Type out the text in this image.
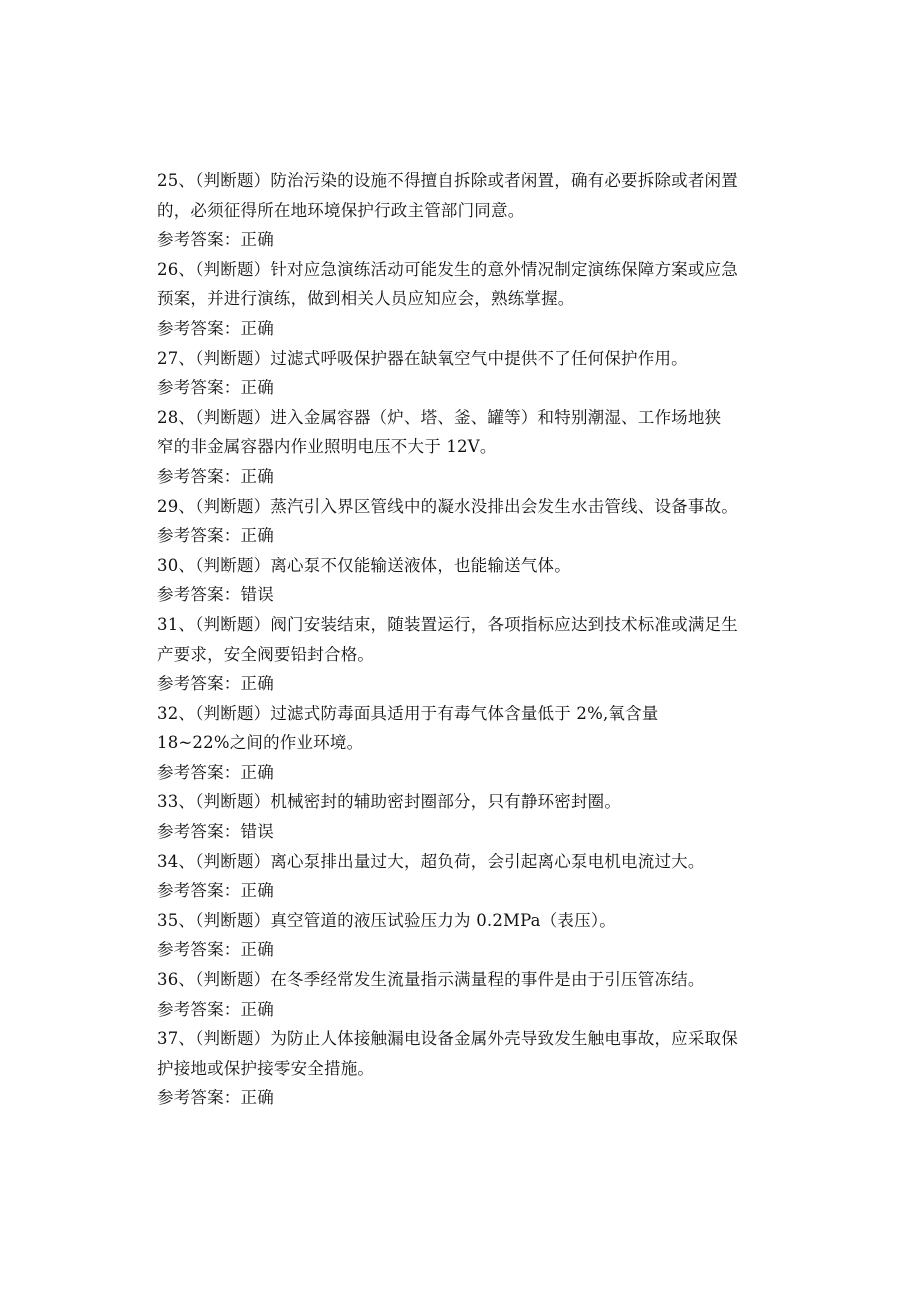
25、（判断题）防治污染的设施不得擅自拆除或者闲置，确有必要拆除或者闲置
的，必须征得所在地环境保护行政主管部门同意。
参考答案：正确
26、（判断题）针对应急演练活动可能发生的意外情况制定演练保障方案或应急
预案，并进行演练，做到相关人员应知应会，熟练掌握。
参考答案：正确
27、（判断题）过滤式呼吸保护器在缺氧空气中提供不了任何保护作用。
参考答案：正确
28、（判断题）进入金属容器（炉、塔、釜、罐等）和特别潮湿、工作场地狭
窄的非金属容器内作业照明电压不大于 12V。
参考答案：正确
29、（判断题）蒸汽引入界区管线中的凝水没排出会发生水击管线、设备事故。
参考答案：正确
30、（判断题）离心泵不仅能输送液体，也能输送气体。
参考答案：错误
31、（判断题）阀门安装结束，随装置运行，各项指标应达到技术标准或满足生
产要求，安全阀要铅封合格。
参考答案：正确
32、（判断题）过滤式防毒面具适用于有毒气体含量低于 2%,氧含量
18~22%之间的作业环境。
参考答案：正确
33、（判断题）机械密封的辅助密封圈部分，只有静环密封圈。
参考答案：错误
34、（判断题）离心泵排出量过大，超负荷，会引起离心泵电机电流过大。
参考答案：正确
35、（判断题）真空管道的液压试验压力为 0.2MPa（表压）。
参考答案：正确
36、（判断题）在冬季经常发生流量指示满量程的事件是由于引压管冻结。
参考答案：正确
37、（判断题）为防止人体接触漏电设备金属外壳导致发生触电事故，应采取保
护接地或保护接零安全措施。
参考答案：正确
